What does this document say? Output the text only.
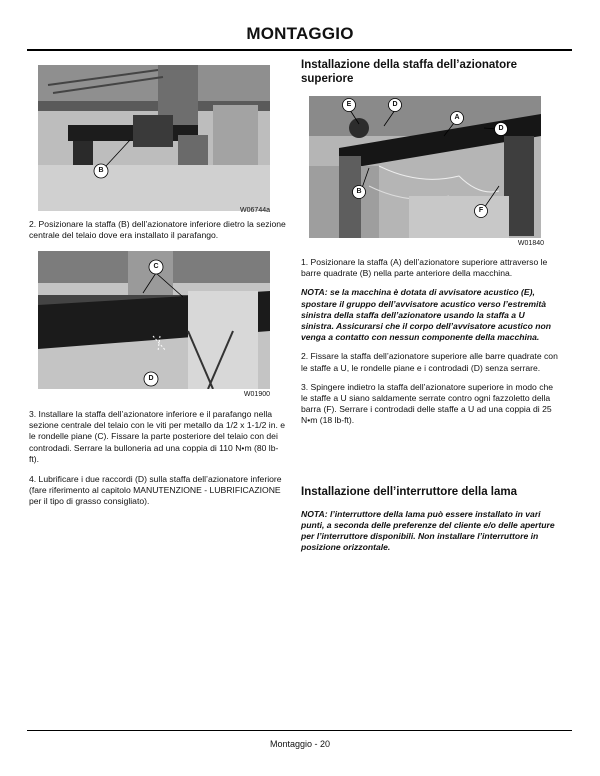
MONTAGGIO
B
W06744a

2. Posizionare la staffa (B) dell’azionatore inferiore dietro la sezione centrale del telaio dove era installato il parafango.

C
D
W01900

3. Installare la staffa dell’azionatore inferiore e il parafango nella sezione centrale del telaio con le viti per metallo da 1/2 x 1-1/2 in. e le rondelle piane (C). Fissare la parte posteriore del telaio con dei controdadi. Serrare la bulloneria ad una coppia di 110 N•m (80 lb-ft).

4. Lubrificare i due raccordi (D) sulla staffa dell’azionatore inferiore (fare riferimento al capitolo MANUTENZIONE - LUBRIFICAZIONE per il tipo di grasso consigliato).

Installazione della staffa dell’azionatore superiore

E	D
A
D
B
F
W01840

1. Posizionare la staffa (A) dell’azionatore superiore attraverso le barre quadrate (B) nella parte anteriore della macchina.

NOTA: se la macchina è dotata di avvisatore acustico (E), spostare il gruppo dell’avvisatore acustico verso l’estremità sinistra della staffa dell’azionatore usando la staffa a U sinistra. Assicurarsi che il corpo dell’avvisatore acustico non venga a contatto con nessun componente della macchina.

2. Fissare la staffa dell’azionatore superiore alle barre quadrate con le staffe a U, le rondelle piane e i controdadi (D) senza serrare.

3. Spingere indietro la staffa dell’azionatore superiore in modo che le staffe a U siano saldamente serrate contro ogni fazzoletto della barra (F). Serrare i controdadi delle staffe a U ad una coppia di 25 N•m (18 lb-ft).

Installazione dell’interruttore della lama

NOTA: l’interruttore della lama può essere installato in vari punti, a seconda delle preferenze del cliente e/o delle aperture per l’interruttore disponibili. Non installare l’interruttore in posizione orizzontale.

Montaggio - 20
